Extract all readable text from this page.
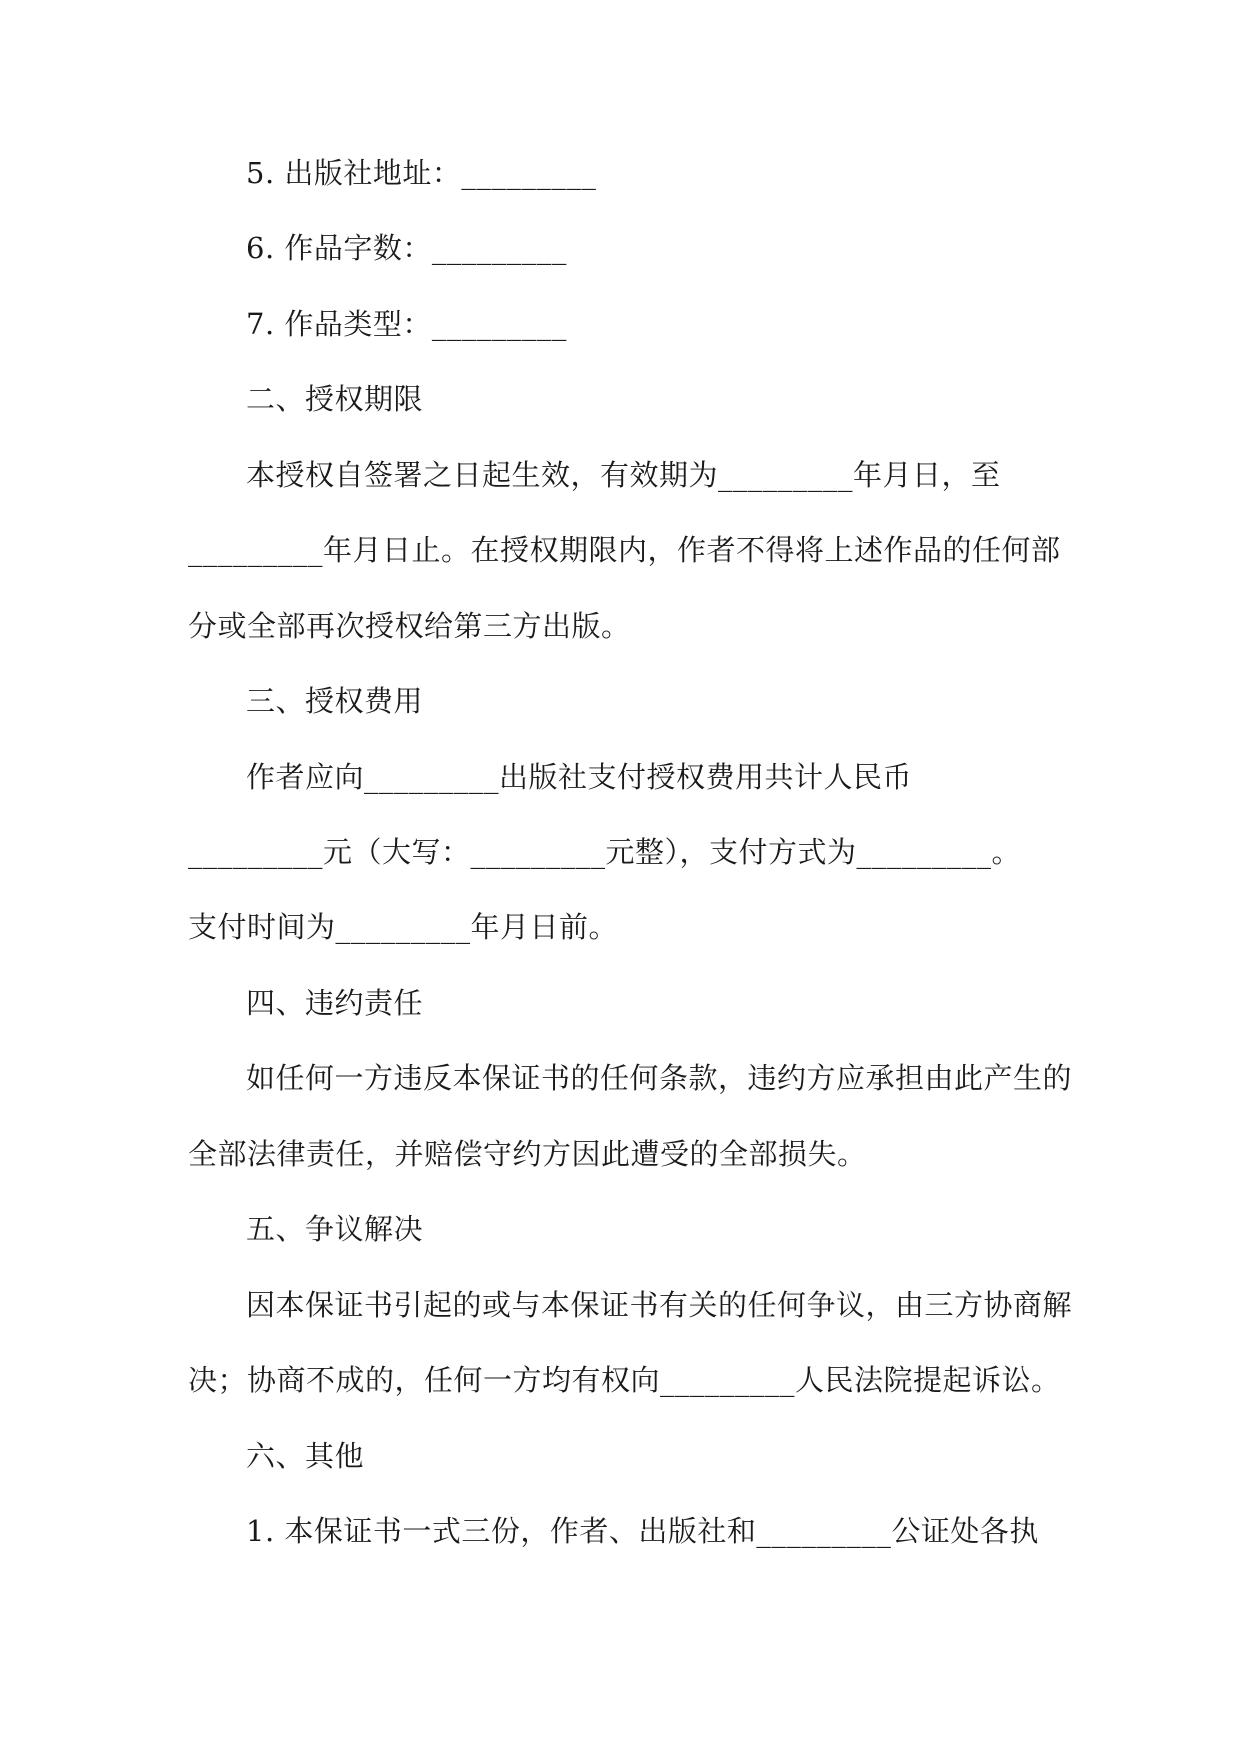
5. 出版社地址：_________
6. 作品字数：_________
7. 作品类型：_________
二、授权期限
本授权自签署之日起生效，有效期为_________年月日，至
_________年月日止。在授权期限内，作者不得将上述作品的任何部
分或全部再次授权给第三方出版。
三、授权费用
作者应向_________出版社支付授权费用共计人民币
_________元（大写：_________元整），支付方式为_________。
支付时间为_________年月日前。
四、违约责任
如任何一方违反本保证书的任何条款，违约方应承担由此产生的
全部法律责任，并赔偿守约方因此遭受的全部损失。
五、争议解决
因本保证书引起的或与本保证书有关的任何争议，由三方协商解
决；协商不成的，任何一方均有权向_________人民法院提起诉讼。
六、其他
1. 本保证书一式三份，作者、出版社和_________公证处各执
